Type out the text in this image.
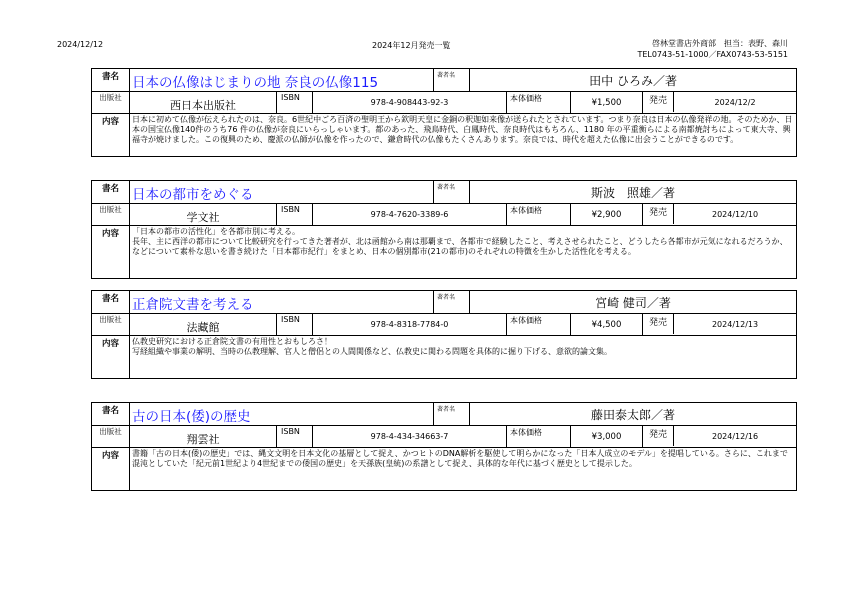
2024/12/12	2024年12月発売一覧	啓林堂書店外商部　担当：表野、森川
TEL0743-51-1000／FAX0743-53-5151
書名	日本の仏像はじまりの地 奈良の仏像115			著者名	田中 ひろみ／著			
出版社	西日本出版社	ISBN	978-4-908443-92-3			本体価格	¥1,500	発売 2024/12/2

内容	日本に初めて仏像が伝えられたのは、奈良。6世紀中ごろ百済の聖明王から欽明天皇に金銅の釈迦如来像が送られたとされています。つまり奈良は日本の仏像発祥の地。そのためか、日本の国宝仏像140件のうち76 件の仏像が奈良にいらっしゃいます。都のあった、飛鳥時代、白鳳時代、奈良時代はもちろん、1180 年の平重衡らによる南都焼討ちによって東大寺、興福寺が焼けました。この復興のため、慶派の仏師が仏像を作ったので、鎌倉時代の仏像もたくさんあります。奈良では、時代を超えた仏像に出会うことができるのです。							
書名	日本の都市をめぐる			著者名	斯波　照雄／著			
出版社	学文社	ISBN	978-4-7620-3389-6			本体価格	¥2,900	発売 2024/12/10

内容	「日本の都市の活性化」を各都市別に考える。
長年、主に西洋の都市について比較研究を行ってきた著者が、北は函館から南は那覇まで、各都市で経験したこと、考えさせられたこと、どうしたら各都市が元気になれるだろうか、などについて素朴な思いを書き続けた「日本都市紀行」をまとめ、日本の個別都市(21の都市)のそれぞれの特徴を生かした活性化を考える。							
書名	正倉院文書を考える			著者名	宮崎 健司／著			
出版社	法藏館	ISBN	978-4-8318-7784-0			本体価格	¥4,500	発売 2024/12/13

内容	仏教史研究における正倉院文書の有用性とおもしろさ！
写経組織や事業の解明、当時の仏教理解、官人と僧侶との人間関係など、仏教史に関わる問題を具体的に掘り下げる、意欲的論文集。							
書名	古の日本(倭)の歴史			著者名	藤田泰太郎／著			
出版社	翔雲社	ISBN	978-4-434-34663-7			本体価格	¥3,000	発売 2024/12/16

内容	書籍「古の日本(倭)の歴史」では、縄文文明を日本文化の基層として捉え、かつヒトのDNA解析を駆使して明らかになった「日本人成立のモデル」を提唱している。さらに、これまで混沌としていた「紀元前1世紀より4世紀までの倭国の歴史」を天孫族(皇統)の系譜として捉え、具体的な年代に基づく歴史として提示した。							
